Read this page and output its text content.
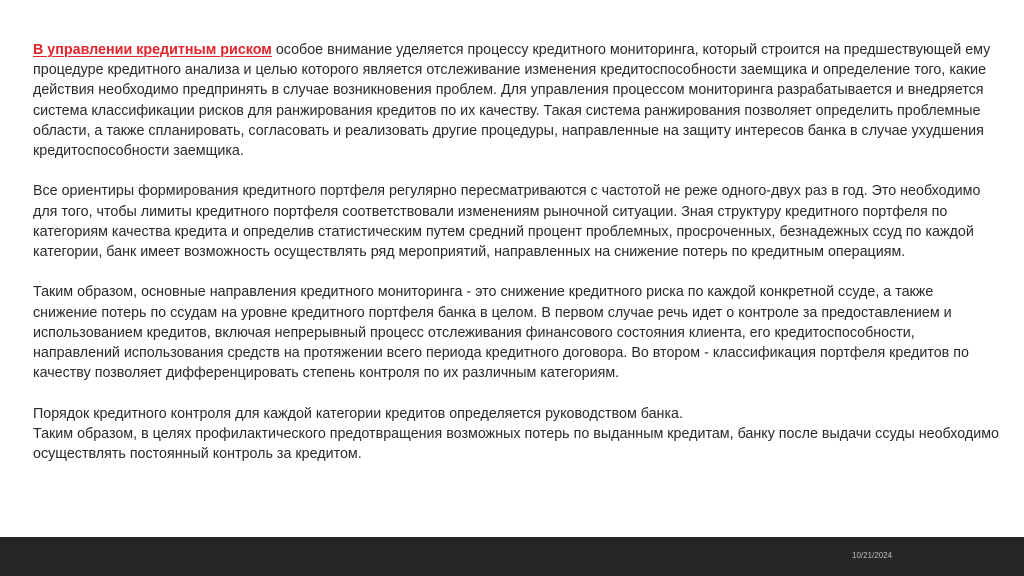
В управлении кредитным риском особое внимание уделяется процессу кредитного мониторинга, который строится на предшествующей ему процедуре кредитного анализа и целью которого является отслеживание изменения кредитоспособности заемщика и определение того, какие действия необходимо предпринять в случае возникновения проблем. Для управления процессом мониторинга разрабатывается и внедряется система классификации рисков для ранжирования кредитов по их качеству. Такая система ранжирования позволяет определить проблемные области, а также спланировать, согласовать и реализовать другие процедуры, направленные на защиту интересов банка в случае ухудшения кредитоспособности заемщика.

Все ориентиры формирования кредитного портфеля регулярно пересматриваются с частотой не реже одного-двух раз в год. Это необходимо для того, чтобы лимиты кредитного портфеля соответствовали изменениям рыночной ситуации. Зная структуру кредитного портфеля по категориям качества кредита и определив статистическим путем средний процент проблемных, просроченных, безнадежных ссуд по каждой категории, банк имеет возможность осуществлять ряд мероприятий, направленных на снижение потерь по кредитным операциям.

Таким образом, основные направления кредитного мониторинга - это снижение кредитного риска по каждой конкретной ссуде, а также снижение потерь по ссудам на уровне кредитного портфеля банка в целом. В первом случае речь идет о контроле за предоставлением и использованием кредитов, включая непрерывный процесс отслеживания финансового состояния клиента, его кредитоспособности, направлений использования средств на протяжении всего периода кредитного договора. Во втором - классификация портфеля кредитов по качеству позволяет дифференцировать степень контроля по их различным категориям.

Порядок кредитного контроля для каждой категории кредитов определяется руководством банка.

Таким образом, в целях профилактического предотвращения возможных потерь по выданным кредитам, банку после выдачи ссуды необходимо осуществлять постоянный контроль за кредитом.

10/21/2024
